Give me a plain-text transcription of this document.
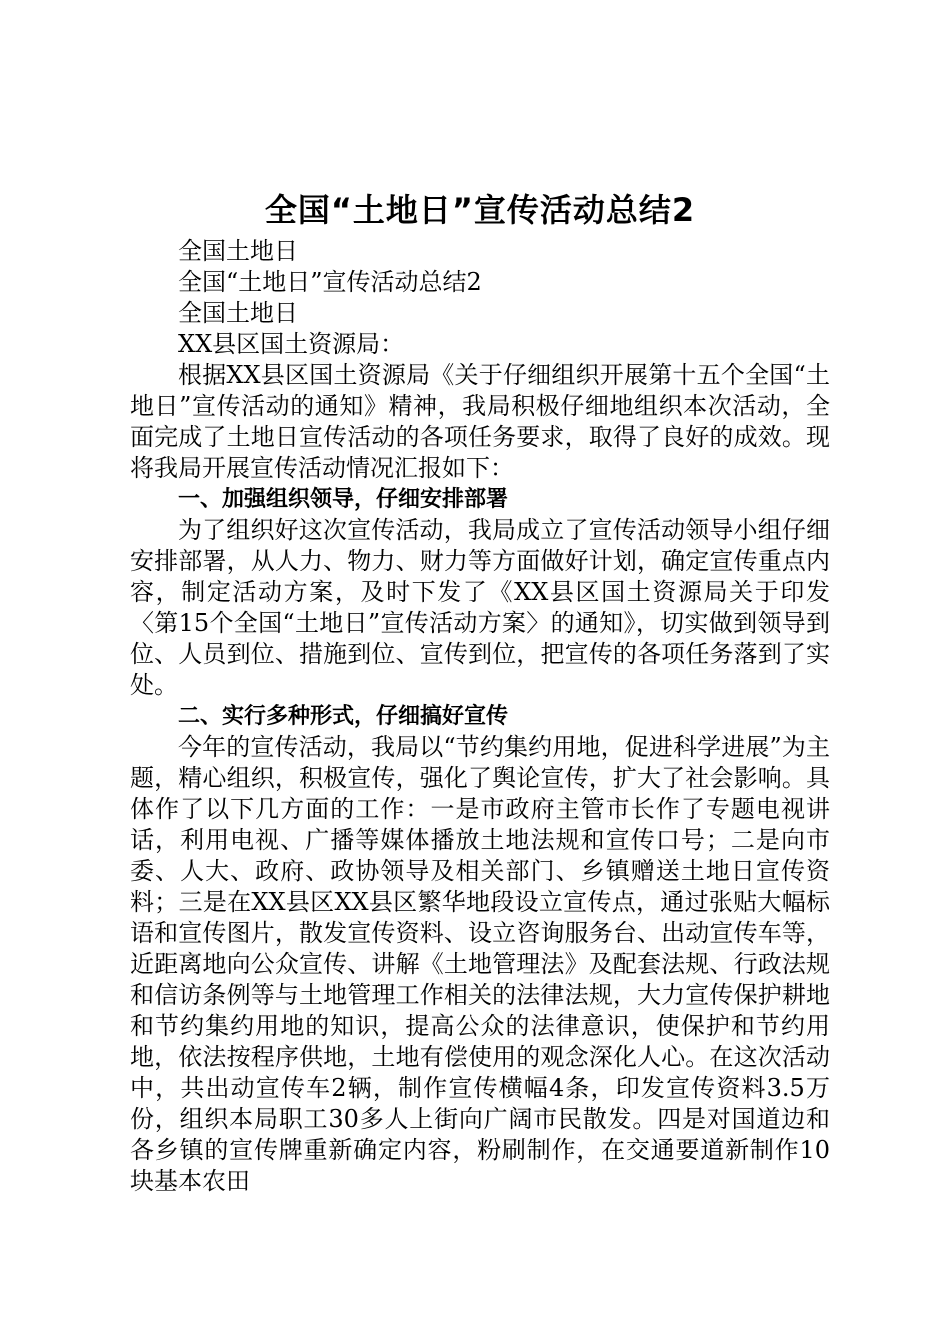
全国“土地日”宣传活动总结2

全国土地日

全国“土地日”宣传活动总结2

全国土地日

XX县区国土资源局：

根据XX县区国土资源局《关于仔细组织开展第十五个全国“土地日”宣传活动的通知》精神，我局积极仔细地组织本次活动，全面完成了土地日宣传活动的各项任务要求，取得了良好的成效。现将我局开展宣传活动情况汇报如下：

一、加强组织领导，仔细安排部署

为了组织好这次宣传活动，我局成立了宣传活动领导小组仔细安排部署，从人力、物力、财力等方面做好计划，确定宣传重点内容，制定活动方案，及时下发了《XX县区国土资源局关于印发〈第15个全国“土地日”宣传活动方案〉的通知》，切实做到领导到位、人员到位、措施到位、宣传到位，把宣传的各项任务落到了实处。

二、实行多种形式，仔细搞好宣传

今年的宣传活动，我局以“节约集约用地，促进科学进展”为主题，精心组织，积极宣传，强化了舆论宣传，扩大了社会影响。具体作了以下几方面的工作：一是市政府主管市长作了专题电视讲话，利用电视、广播等媒体播放土地法规和宣传口号；二是向市委、人大、政府、政协领导及相关部门、乡镇赠送土地日宣传资料；三是在XX县区XX县区繁华地段设立宣传点，通过张贴大幅标语和宣传图片，散发宣传资料、设立咨询服务台、出动宣传车等，近距离地向公众宣传、讲解《土地管理法》及配套法规、行政法规和信访条例等与土地管理工作相关的法律法规，大力宣传保护耕地和节约集约用地的知识，提高公众的法律意识，使保护和节约用地，依法按程序供地，土地有偿使用的观念深化人心。在这次活动中，共出动宣传车2辆，制作宣传横幅4条，印发宣传资料3.5万份，组织本局职工30多人上街向广阔市民散发。四是对国道边和各乡镇的宣传牌重新确定内容，粉刷制作，在交通要道新制作10块基本农田
